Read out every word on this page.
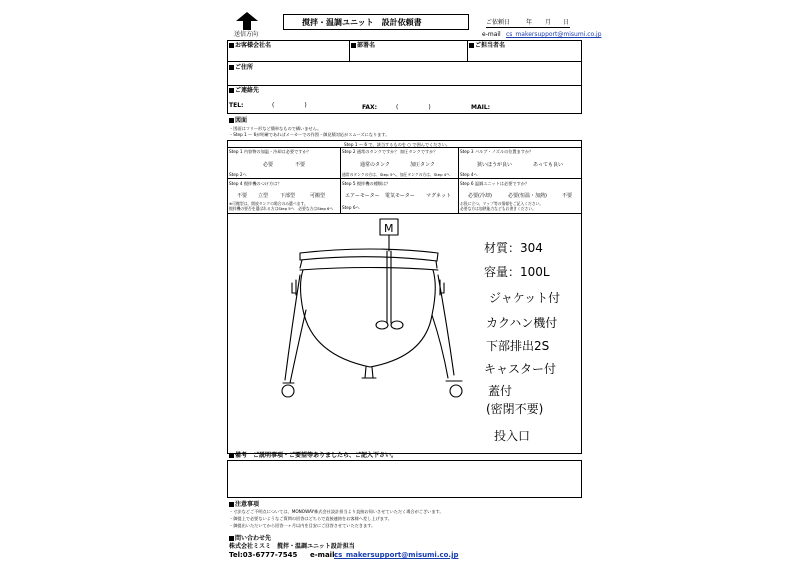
送信方向
撹拌・温調ユニット　設計依頼書	ご依頼日	年 月 日
e-mail cs_makersupport@misumi.co.jp
お客様会社名	部署名	ご担当者名
ご住所
ご連絡先
TEL:	(　　　　　)	FAX:	(　　　　　)	MAIL:
図面
・図面はフリー形など簡単なもので構いません。
・Step 1 ～ 6が明確であればメーカーでの作図・御見積対応がスムーズになります。
Step 1 ～ 6 で、該当するものを ○ で囲んでください。
Step 1 内容物の加温・冷却は必要ですか？
必要	不要
Step 2へ
Step 2 通常のタンクですか？ 加圧タンクですか？
通常のタンク	加圧タンク
通常のタンクの方は、Step 3へ。加圧タンクの方は、Step 4へ
Step 3 バルブ・ノズルの位置ますか？
狭いほうが良い	あっても良い
Step 4へ
Step 4 撹拌機のつけ方は？
不要 立型 下部型	可搬型
※可搬型は、開放タンクの場合のみ選べます。
撹拌機の要否を選ばれる方はStep 5へ　必要な方はStep 6へ
Step 5 撹拌機の種類は？
エアーモーター 電気モーター マグネット
Step 6へ
Step 6 温調ユニットは必要ですか？
必要(冷却)	必要(恒温・加熱)	不要
お役に立つ、マップ等の情報をご記入ください。
必要な方は加熱能力などもお書きください。
M
材質：304
容量：100L
ジャケット付
カクハン機付
下部排出2S
キャスター付
蓋付
(密閉不要)
投入口
備考 ご説明事項・ご要望等ありましたら、ご記入下さい。
注意事項
・寸法などご不明点については、MONOWAY株式会社設計担当より直接お伺いさせていただく場合がございます。
・御提上で必要ないようなご質問の回答はどちらで直接連絡をお客様へ差し上げます。
・御提出いただいてから回答一ヶ月以内を目安にご回答させていただきます。
問い合わせ先
株式会社ミスミ　撹拌・温調ユニット設計担当
Tel:03-6777-7545 e-mail:
cs_makersupport@misumi.co.jp
